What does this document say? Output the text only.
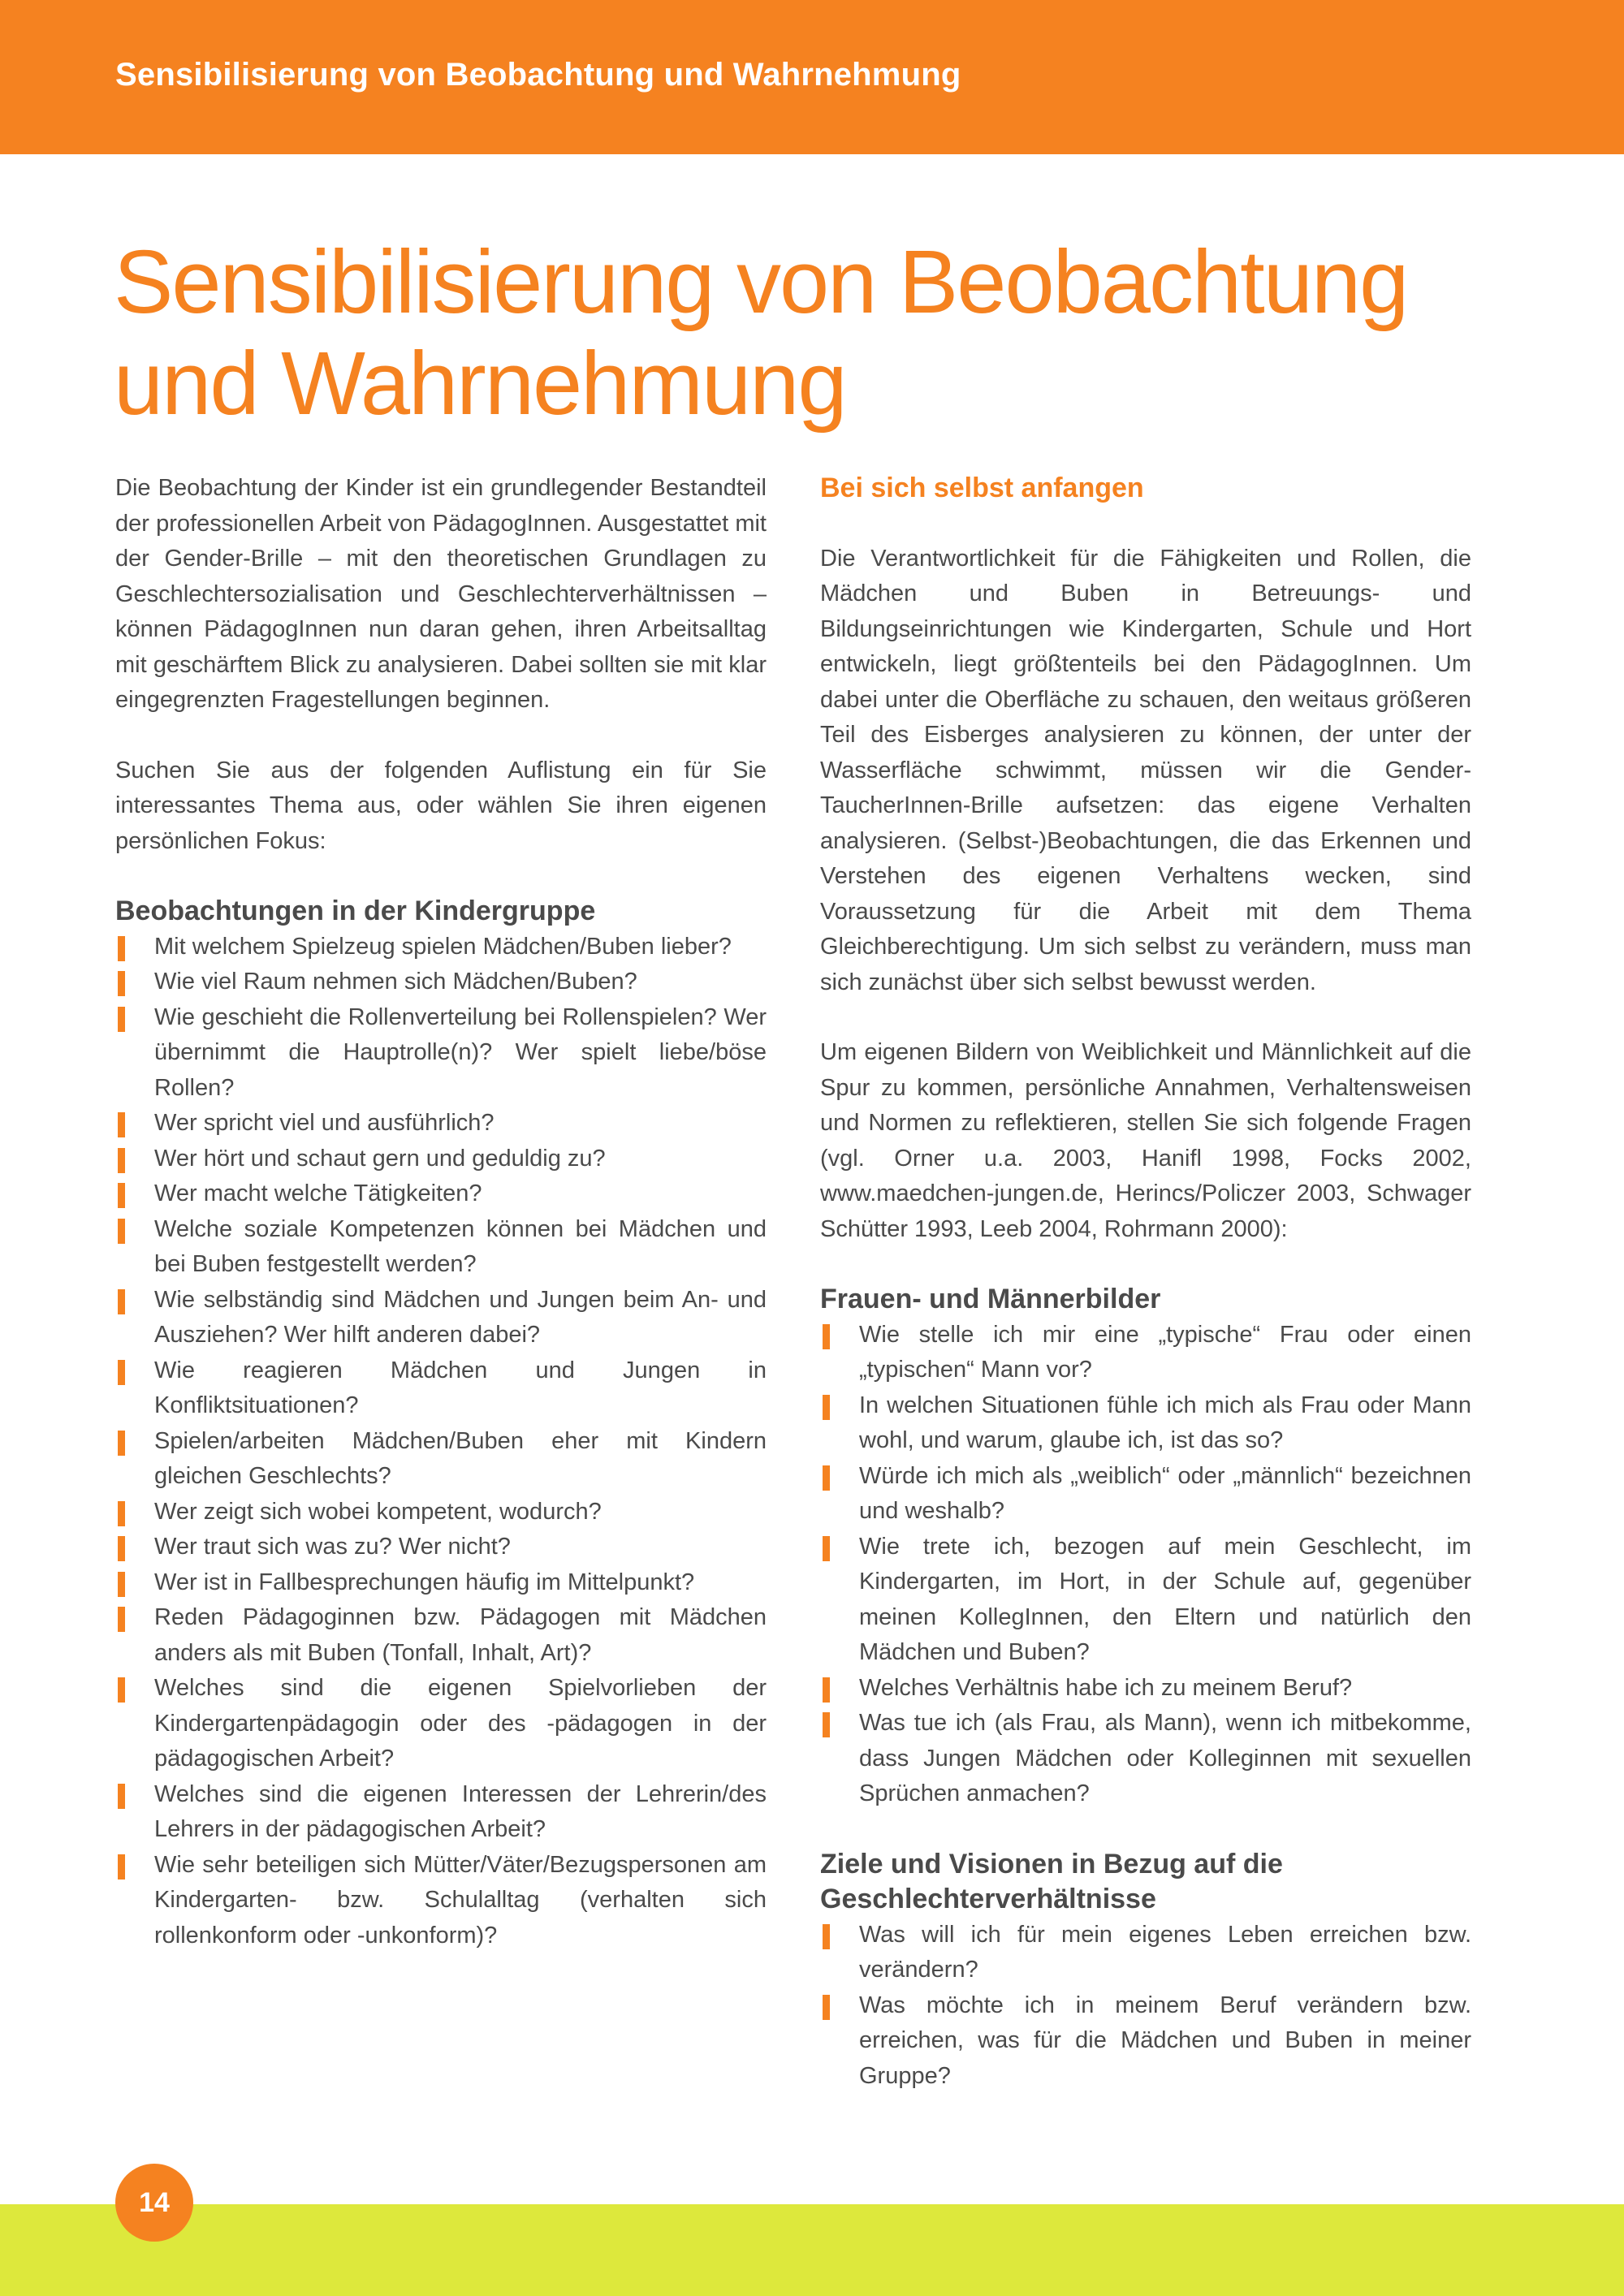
Sensibilisierung von Beobachtung und Wahrnehmung
Sensibilisierung von Beobachtung
und Wahrnehmung

Die Beobachtung der Kinder ist ein grundlegender Bestandteil der professionellen Arbeit von PädagogInnen. Ausgestattet mit der Gender-Brille – mit den theoretischen Grundlagen zu Geschlechtersozialisation und Geschlechterverhältnissen – können PädagogInnen nun daran gehen, ihren Arbeitsalltag mit geschärftem Blick zu analysieren. Dabei sollten sie mit klar eingegrenzten Fragestellungen beginnen.

Suchen Sie aus der folgenden Auflistung ein für Sie interessantes Thema aus, oder wählen Sie ihren eigenen persönlichen Fokus:

Beobachtungen in der Kindergruppe
Mit welchem Spielzeug spielen Mädchen/Buben lieber?
Wie viel Raum nehmen sich Mädchen/Buben?
Wie geschieht die Rollenverteilung bei Rollenspielen? Wer übernimmt die Hauptrolle(n)? Wer spielt liebe/böse Rollen?
Wer spricht viel und ausführlich?
Wer hört und schaut gern und geduldig zu?
Wer macht welche Tätigkeiten?
Welche soziale Kompetenzen können bei Mädchen und bei Buben festgestellt werden?
Wie selbständig sind Mädchen und Jungen beim An- und Ausziehen? Wer hilft anderen dabei?
Wie reagieren Mädchen und Jungen in Konfliktsituationen?
Spielen/arbeiten Mädchen/Buben eher mit Kindern gleichen Geschlechts?
Wer zeigt sich wobei kompetent, wodurch?
Wer traut sich was zu? Wer nicht?
Wer ist in Fallbesprechungen häufig im Mittelpunkt?
Reden Pädagoginnen bzw. Pädagogen mit Mädchen anders als mit Buben (Tonfall, Inhalt, Art)?
Welches sind die eigenen Spielvorlieben der Kindergartenpädagogin oder des -pädagogen in der pädagogischen Arbeit?
Welches sind die eigenen Interessen der Lehrerin/des Lehrers in der pädagogischen Arbeit?
Wie sehr beteiligen sich Mütter/Väter/Bezugspersonen am Kindergarten- bzw. Schulalltag (verhalten sich rollenkonform oder -unkonform)?
Bei sich selbst anfangen

Die Verantwortlichkeit für die Fähigkeiten und Rollen, die Mädchen und Buben in Betreuungs- und Bildungseinrichtungen wie Kindergarten, Schule und Hort entwickeln, liegt größtenteils bei den PädagogInnen. Um dabei unter die Oberfläche zu schauen, den weitaus größeren Teil des Eisberges analysieren zu können, der unter der Wasserfläche schwimmt, müssen wir die Gender-TaucherInnen-Brille aufsetzen: das eigene Verhalten analysieren. (Selbst-)Beobachtungen, die das Erkennen und Verstehen des eigenen Verhaltens wecken, sind Voraussetzung für die Arbeit mit dem Thema Gleichberechtigung. Um sich selbst zu verändern, muss man sich zunächst über sich selbst bewusst werden.

Um eigenen Bildern von Weiblichkeit und Männlichkeit auf die Spur zu kommen, persönliche Annahmen, Verhaltensweisen und Normen zu reflektieren, stellen Sie sich folgende Fragen (vgl. Orner u.a. 2003, Hanifl 1998, Focks 2002, www.maedchen-jungen.de, Herincs/Policzer 2003, Schwager Schütter 1993, Leeb 2004, Rohrmann 2000):

Frauen- und Männerbilder
Wie stelle ich mir eine „typische“ Frau oder einen „typischen“ Mann vor?
In welchen Situationen fühle ich mich als Frau oder Mann wohl, und warum, glaube ich, ist das so?
Würde ich mich als „weiblich“ oder „männlich“ bezeichnen und weshalb?
Wie trete ich, bezogen auf mein Geschlecht, im Kindergarten, im Hort, in der Schule auf, gegenüber meinen KollegInnen, den Eltern und natürlich den Mädchen und Buben?
Welches Verhältnis habe ich zu meinem Beruf?
Was tue ich (als Frau, als Mann), wenn ich mitbekomme, dass Jungen Mädchen oder Kolleginnen mit sexuellen Sprüchen anmachen?
Ziele und Visionen in Bezug auf die
Geschlechterverhältnisse
Was will ich für mein eigenes Leben erreichen bzw. verändern?
Was möchte ich in meinem Beruf verändern bzw. erreichen, was für die Mädchen und Buben in meiner Gruppe?
14
